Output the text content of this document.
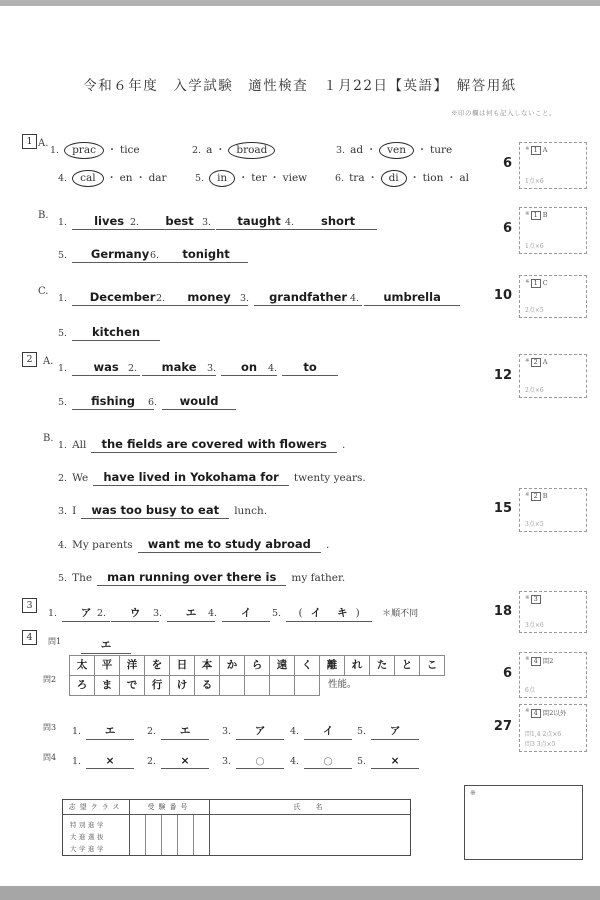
令和６年度　入学試験　適性検査　１月22日【英語】　解答用紙
※印の欄は何も記入しないこと。
1 A.
1. prac ・ tice	2. a ・ broad	3. ad ・ ven ・ ture
4. cal ・ en ・ dar	5. in ・ ter ・ view	6. tra ・ di ・ tion ・ al
B.
1. lives 2. best 3. taught 4. short
5. Germany 6. tonight
C.
1. December 2. money 3. grandfather 4. umbrella
5. kitchen
2	A.
1. was 2. make	3. on	4. to
5. fishing	6. would
B.
1. All the fields are covered with flowers .
2. We have lived in Yokohama for twenty years.
3. I was too busy to eat lunch.
4. My parents want me to study abroad .
5. The man running over there is my father.
3
1. ア 2. ウ	3. エ	4. イ	5. ( イ キ ) ＊順不同
4	問1	エ
問2
太	平	洋	を	日	本	か	ら	遠	く	離	れ	た	と	こ
ろ	ま	で	行	け	る	性能。
問3 1. エ	2. エ	3. ア	4. イ	5. ア
問4 1. ×	2. ×	3. ○	4. ○	5. ×
6
※ 1 A
1点×6
6
※ 1 B
1点×6
10
※ 1 C
2点×5
12
※ 2 A
2点×6
15
※ 2 B
3点×5
18
※ 3
3点×6
6
※ 4 問2
6点
27
※ 4 問2以外
問1,4 2点×6
問3 3点×5
志望クラス	受験番号	氏　名
特別進学
大進選抜
大学進学
※
